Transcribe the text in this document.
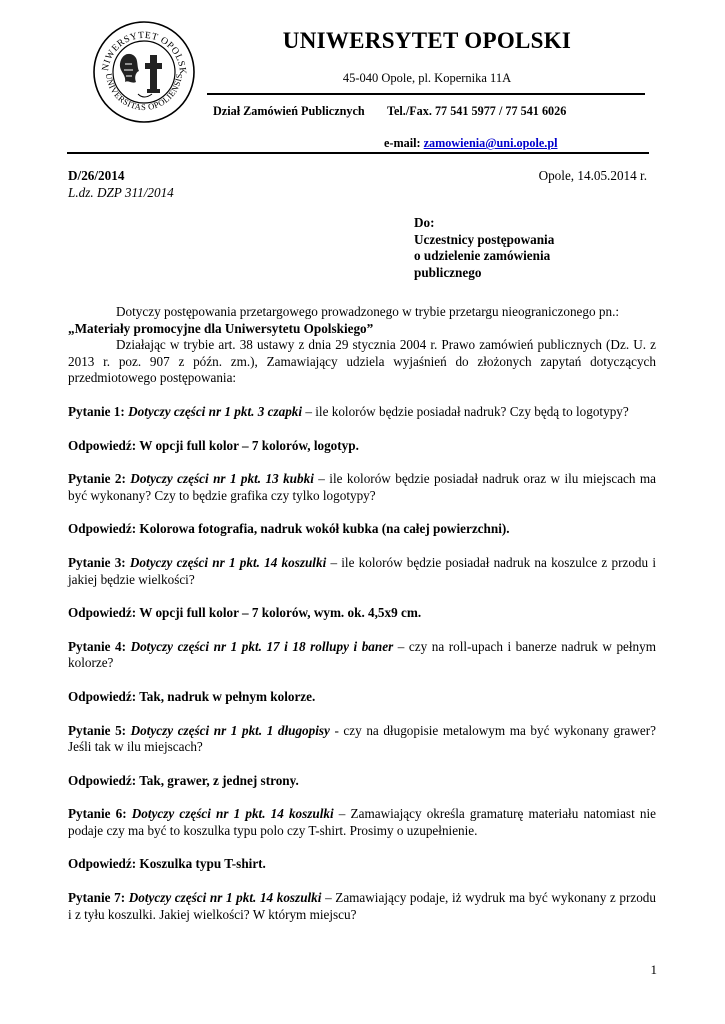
NIWERSYTET OPOLSK
UNIVERSITAS OPOLIENSIS
UNIWERSYTET OPOLSKI
45-040 Opole, pl. Kopernika 11A
Dział Zamówień Publicznych Tel./Fax. 77 541 5977 / 77 541 6026
e-mail: zamowienia@uni.opole.pl
D/26/2014	Opole, 14.05.2014 r.
L.dz. DZP 311/2014
Do:
Uczestnicy postępowania
o udzielenie zamówienia
publicznego

Dotyczy postępowania przetargowego prowadzonego w trybie przetargu nieograniczonego pn.:

„Materiały promocyjne dla Uniwersytetu Opolskiego”

Działając w trybie art. 38 ustawy z dnia 29 stycznia 2004 r. Prawo zamówień publicznych (Dz. U. z 2013 r. poz. 907 z późn. zm.), Zamawiający udziela wyjaśnień do złożonych zapytań dotyczących przedmiotowego postępowania:

Pytanie 1: Dotyczy części nr 1 pkt. 3 czapki – ile kolorów będzie posiadał nadruk? Czy będą to logotypy?

Odpowiedź: W opcji full kolor – 7 kolorów, logotyp.

Pytanie 2: Dotyczy części nr 1 pkt. 13 kubki – ile kolorów będzie posiadał nadruk oraz w ilu miejscach ma być wykonany? Czy to będzie grafika czy tylko logotypy?

Odpowiedź: Kolorowa fotografia, nadruk wokół kubka (na całej powierzchni).

Pytanie 3: Dotyczy części nr 1 pkt. 14 koszulki – ile kolorów będzie posiadał nadruk na koszulce z przodu i jakiej będzie wielkości?

Odpowiedź: W opcji full kolor – 7 kolorów, wym. ok. 4,5x9 cm.

Pytanie 4: Dotyczy części nr 1 pkt. 17 i 18 rollupy i baner – czy na roll-upach i banerze nadruk w pełnym kolorze?

Odpowiedź: Tak, nadruk w pełnym kolorze.

Pytanie 5: Dotyczy części nr 1 pkt. 1 długopisy - czy na długopisie metalowym ma być wykonany grawer? Jeśli tak w ilu miejscach?

Odpowiedź: Tak, grawer, z jednej strony.

Pytanie 6: Dotyczy części nr 1 pkt. 14 koszulki – Zamawiający określa gramaturę materiału natomiast nie podaje czy ma być to koszulka typu polo czy T-shirt. Prosimy o uzupełnienie.

Odpowiedź: Koszulka typu T-shirt.

Pytanie 7: Dotyczy części nr 1 pkt. 14 koszulki – Zamawiający podaje, iż wydruk ma być wykonany z przodu i z tyłu koszulki. Jakiej wielkości? W którym miejscu?

1
